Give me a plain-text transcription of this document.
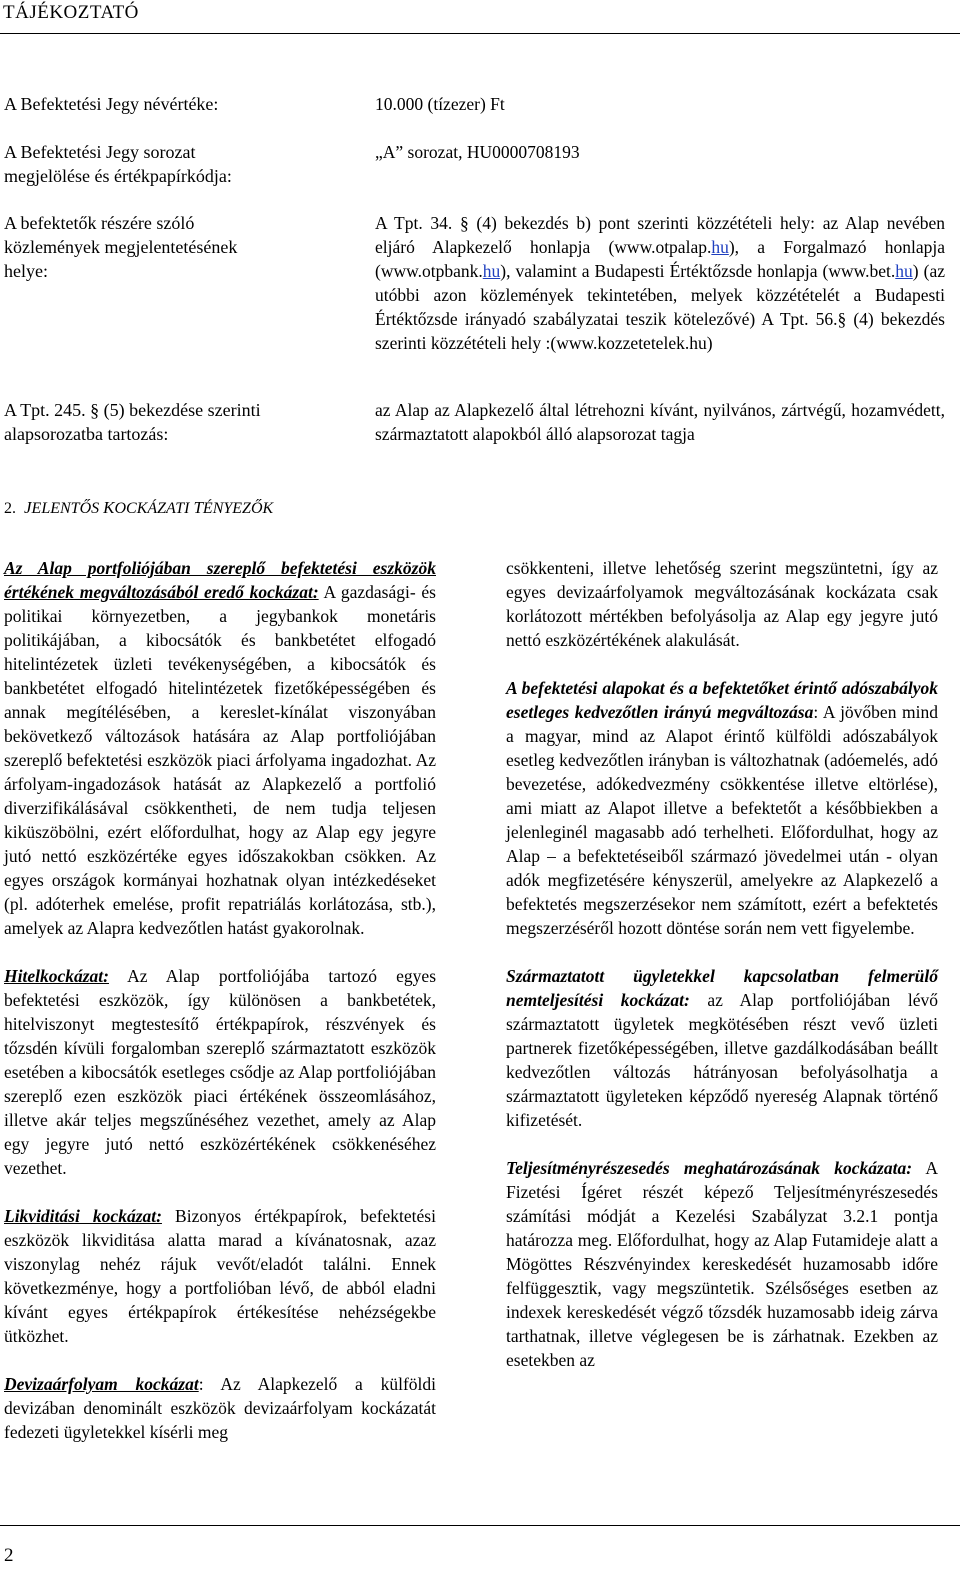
TÁJÉKOZTATÓ
A Befektetési Jegy névértéke:	10.000 (tízezer) Ft
A Befektetési Jegy sorozat megjelölése és értékpapírkódja:
„A” sorozat, HU0000708193
A befektetők részére szóló közlemények megjelentetésének helye:
A Tpt. 34. § (4) bekezdés b) pont szerinti közzétételi hely: az Alap nevében eljáró Alapkezelő honlapja (www.otpalap.hu), a Forgalmazó honlapja (www.otpbank.hu), valamint a Budapesti Értéktőzsde honlapja (www.bet.hu) (az utóbbi azon közlemények tekintetében, melyek közzétételét a Budapesti Értéktőzsde irányadó szabályzatai teszik kötelezővé) A Tpt. 56.§ (4) bekezdés szerinti közzétételi hely :(www.kozzetetelek.hu)
A Tpt. 245. § (5) bekezdése szerinti alapsorozatba tartozás:
az Alap az Alapkezelő által létrehozni kívánt, nyilvános, zártvégű, hozamvédett, származtatott alapokból álló alapsorozat tagja
2. JELENTŐS KOCKÁZATI TÉNYEZŐK

Az Alap portfoliójában szereplő befektetési eszközök értékének megváltozásából eredő kockázat: A gazdasági- és politikai környezetben, a jegybankok monetáris politikájában, a kibocsátók és bankbetétet elfogadó hitelintézetek üzleti tevékenységében, a kibocsátók és bankbetétet elfogadó hitelintézetek fizetőképességében és annak megítélésében, a kereslet-kínálat viszonyában bekövetkező változások hatására az Alap portfoliójában szereplő befektetési eszközök piaci árfolyama ingadozhat. Az árfolyam-ingadozások hatását az Alapkezelő a portfolió diverzifikálásával csökkentheti, de nem tudja teljesen kiküszöbölni, ezért előfordulhat, hogy az Alap egy jegyre jutó nettó eszközértéke egyes időszakokban csökken. Az egyes országok kormányai hozhatnak olyan intézkedéseket (pl. adóterhek emelése, profit repatriálás korlátozása, stb.), amelyek az Alapra kedvezőtlen hatást gyakorolnak.

Hitelkockázat: Az Alap portfoliójába tartozó egyes befektetési eszközök, így különösen a bankbetétek, hitelviszonyt megtestesítő értékpapírok, részvények és tőzsdén kívüli forgalomban szereplő származtatott eszközök esetében a kibocsátók esetleges csődje az Alap portfoliójában szereplő ezen eszközök piaci értékének összeomlásához, illetve akár teljes megszűnéséhez vezethet, amely az Alap egy jegyre jutó nettó eszközértékének csökkenéséhez vezethet.

Likviditási kockázat: Bizonyos értékpapírok, befektetési eszközök likviditása alatta marad a kívánatosnak, azaz viszonylag nehéz rájuk vevőt/eladót találni. Ennek következménye, hogy a portfolióban lévő, de abból eladni kívánt egyes értékpapírok értékesítése nehézségekbe ütközhet.

Devizaárfolyam kockázat: Az Alapkezelő a külföldi devizában denominált eszközök devizaárfolyam kockázatát fedezeti ügyletekkel kísérli meg

csökkenteni, illetve lehetőség szerint megszüntetni, így az egyes devizaárfolyamok megváltozásának kockázata csak korlátozott mértékben befolyásolja az Alap egy jegyre jutó nettó eszközértékének alakulását.

A befektetési alapokat és a befektetőket érintő adószabályok esetleges kedvezőtlen irányú megváltozása: A jövőben mind a magyar, mind az Alapot érintő külföldi adószabályok esetleg kedvezőtlen irányban is változhatnak (adóemelés, adó bevezetése, adókedvezmény csökkentése illetve eltörlése), ami miatt az Alapot illetve a befektetőt a későbbiekben a jelenleginél magasabb adó terhelheti. Előfordulhat, hogy az Alap – a befektetéseiből származó jövedelmei után - olyan adók megfizetésére kényszerül, amelyekre az Alapkezelő a befektetés megszerzésekor nem számított, ezért a befektetés megszerzéséről hozott döntése során nem vett figyelembe.

Származtatott ügyletekkel kapcsolatban felmerülő nemteljesítési kockázat: az Alap portfoliójában lévő származtatott ügyletek megkötésében részt vevő üzleti partnerek fizetőképességében, illetve gazdálkodásában beállt kedvezőtlen változás hátrányosan befolyásolhatja a származtatott ügyleteken képződő nyereség Alapnak történő kifizetését.

Teljesítményrészesedés meghatározásának kockázata: A Fizetési Ígéret részét képező Teljesítményrészesedés számítási módját a Kezelési Szabályzat 3.2.1 pontja határozza meg. Előfordulhat, hogy az Alap Futamideje alatt a Mögöttes Részvényindex kereskedését huzamosabb időre felfüggesztik, vagy megszüntetik. Szélsőséges esetben az indexek kereskedését végző tőzsdék huzamosabb ideig zárva tarthatnak, illetve véglegesen be is zárhatnak. Ezekben az esetekben az

2
